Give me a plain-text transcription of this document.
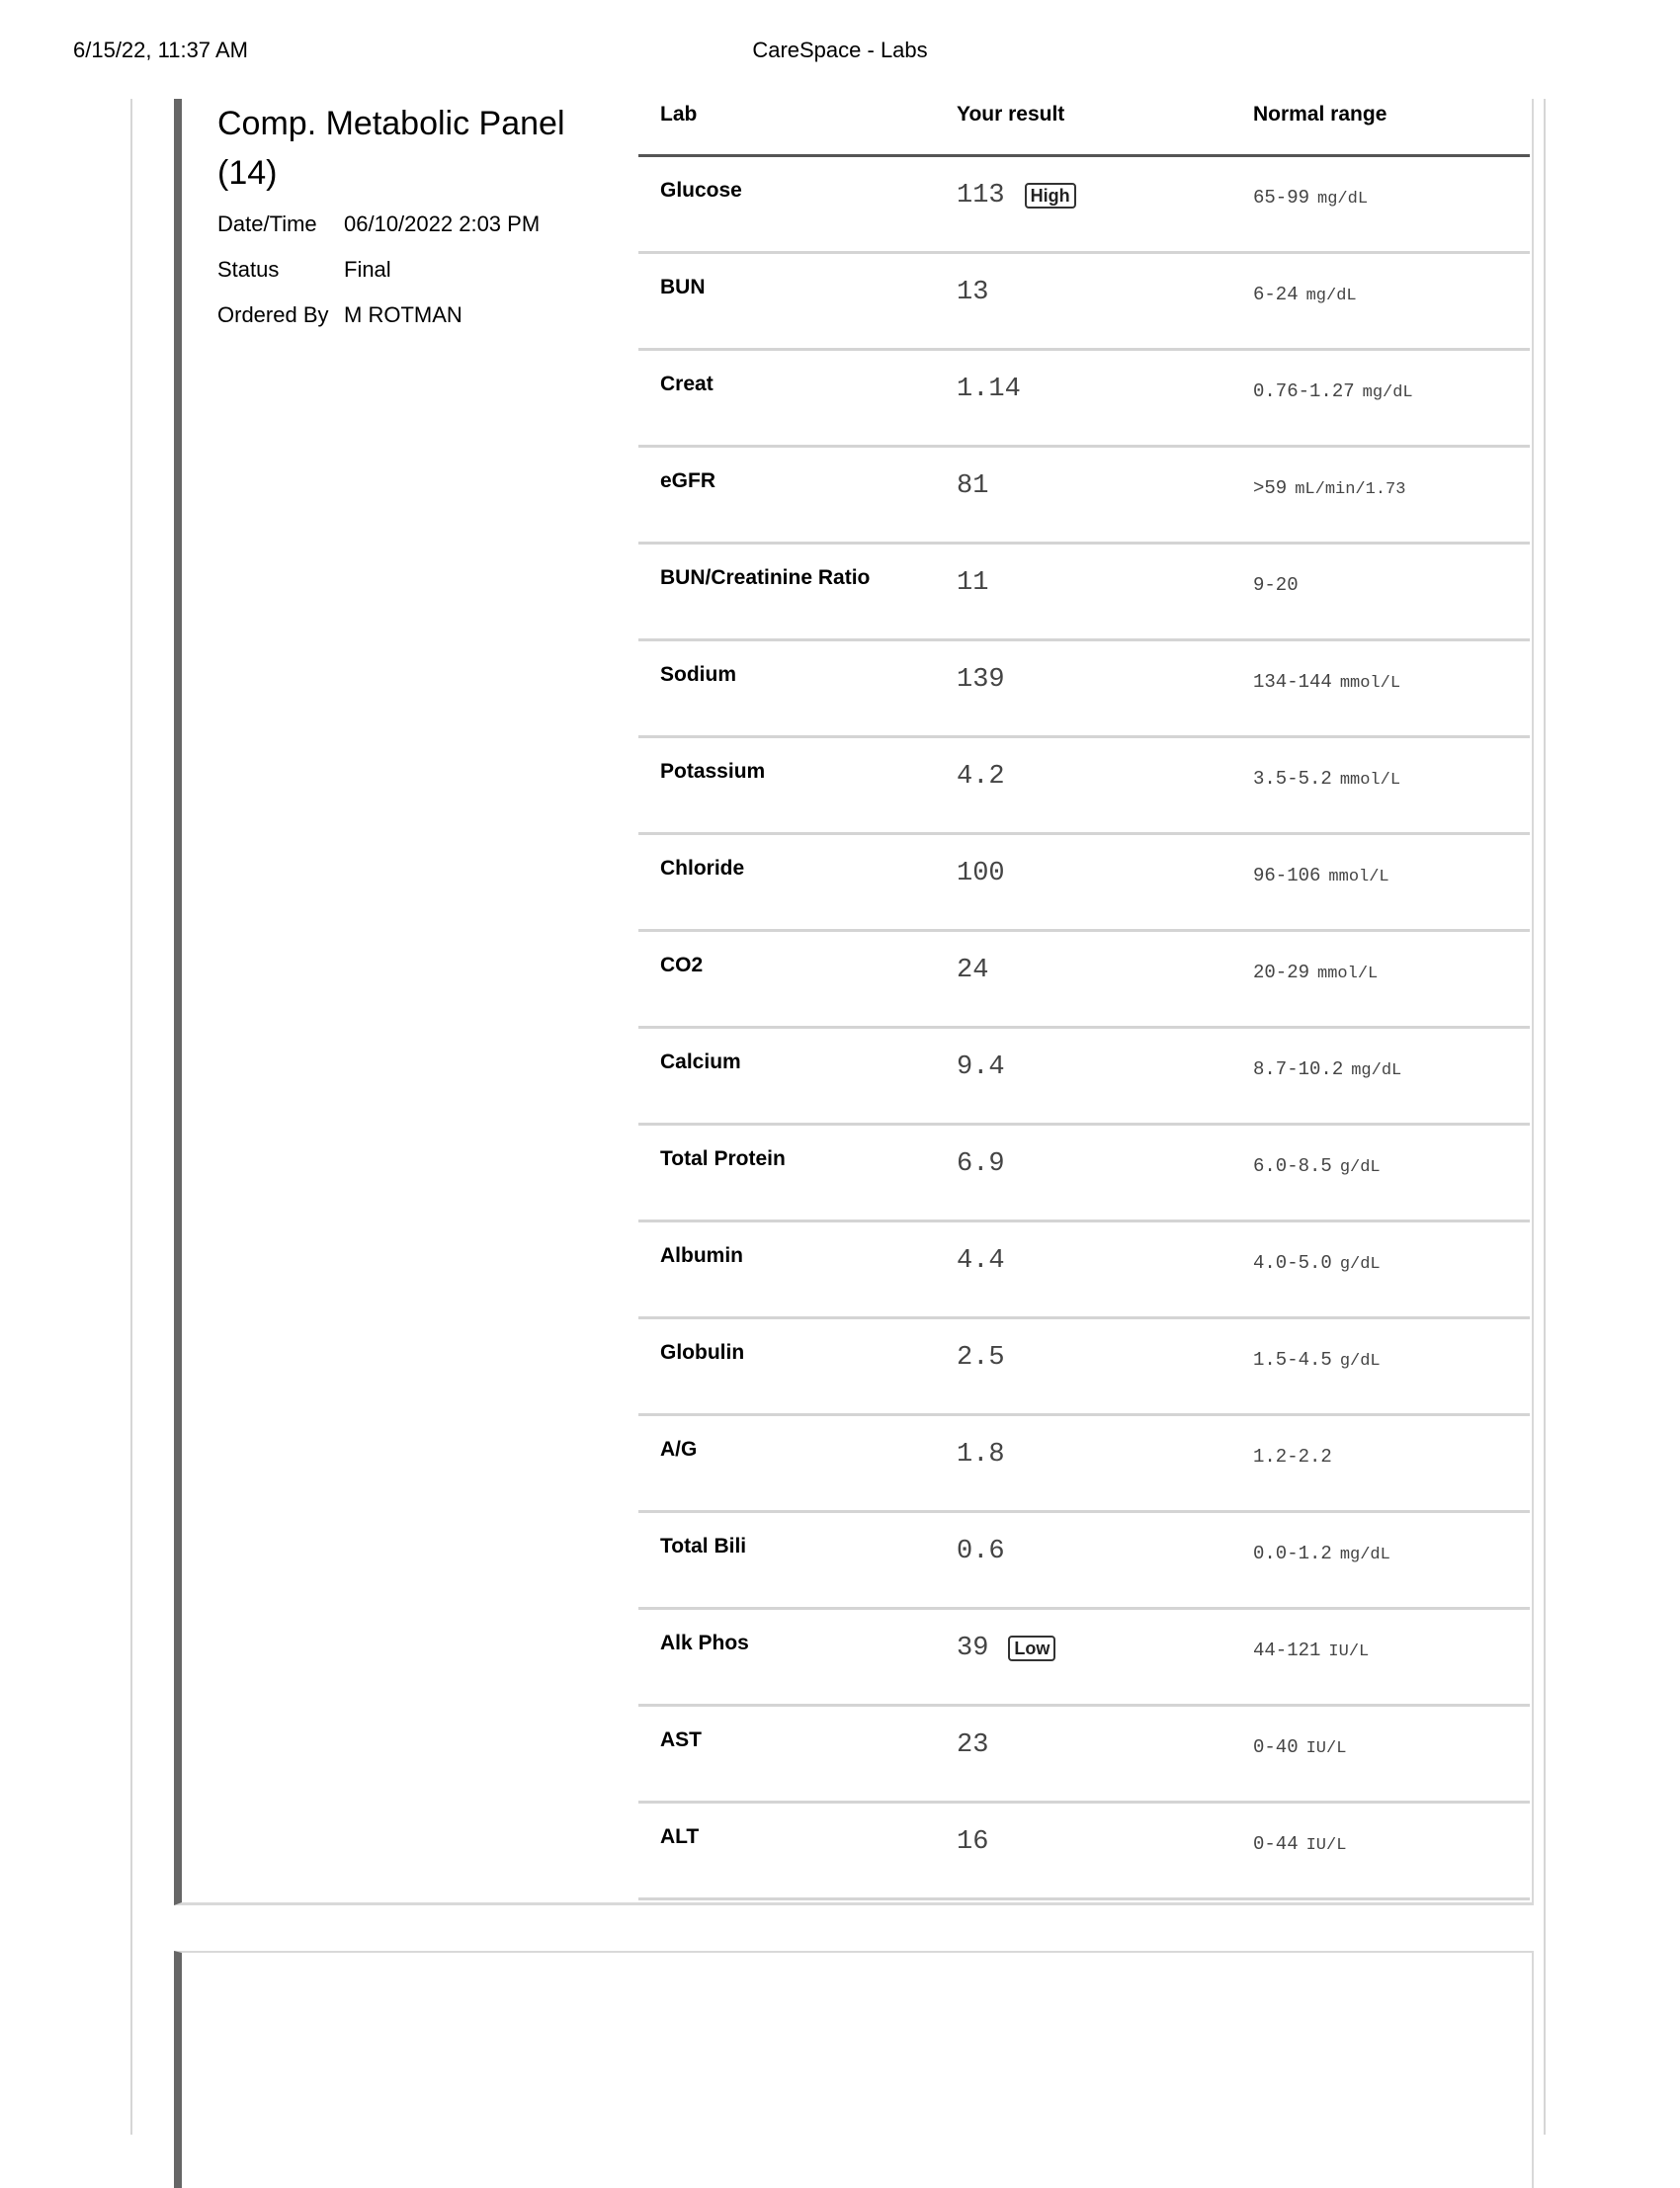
6/15/22, 11:37 AM	CareSpace - Labs
Comp. Metabolic Panel (14)
Date/Time 06/10/2022 2:03 PM
Status	Final
Ordered By M ROTMAN
Lab	Your result	Normal range
Glucose	113	High	65-99 mg/dL
BUN	13	6-24 mg/dL
Creat	1.14	0.76-1.27 mg/dL
eGFR	81	>59 mL/min/1.73
BUN/Creatinine Ratio	11	9-20
Sodium	139	134-144 mmol/L
Potassium	4.2	3.5-5.2 mmol/L
Chloride	100	96-106 mmol/L
CO2	24	20-29 mmol/L
Calcium	9.4	8.7-10.2 mg/dL
Total Protein	6.9	6.0-8.5 g/dL
Albumin	4.4	4.0-5.0 g/dL
Globulin	2.5	1.5-4.5 g/dL
A/G	1.8	1.2-2.2
Total Bili	0.6	0.0-1.2 mg/dL
Alk Phos	39	Low	44-121 IU/L
AST	23	0-40 IU/L
ALT	16	0-44 IU/L
